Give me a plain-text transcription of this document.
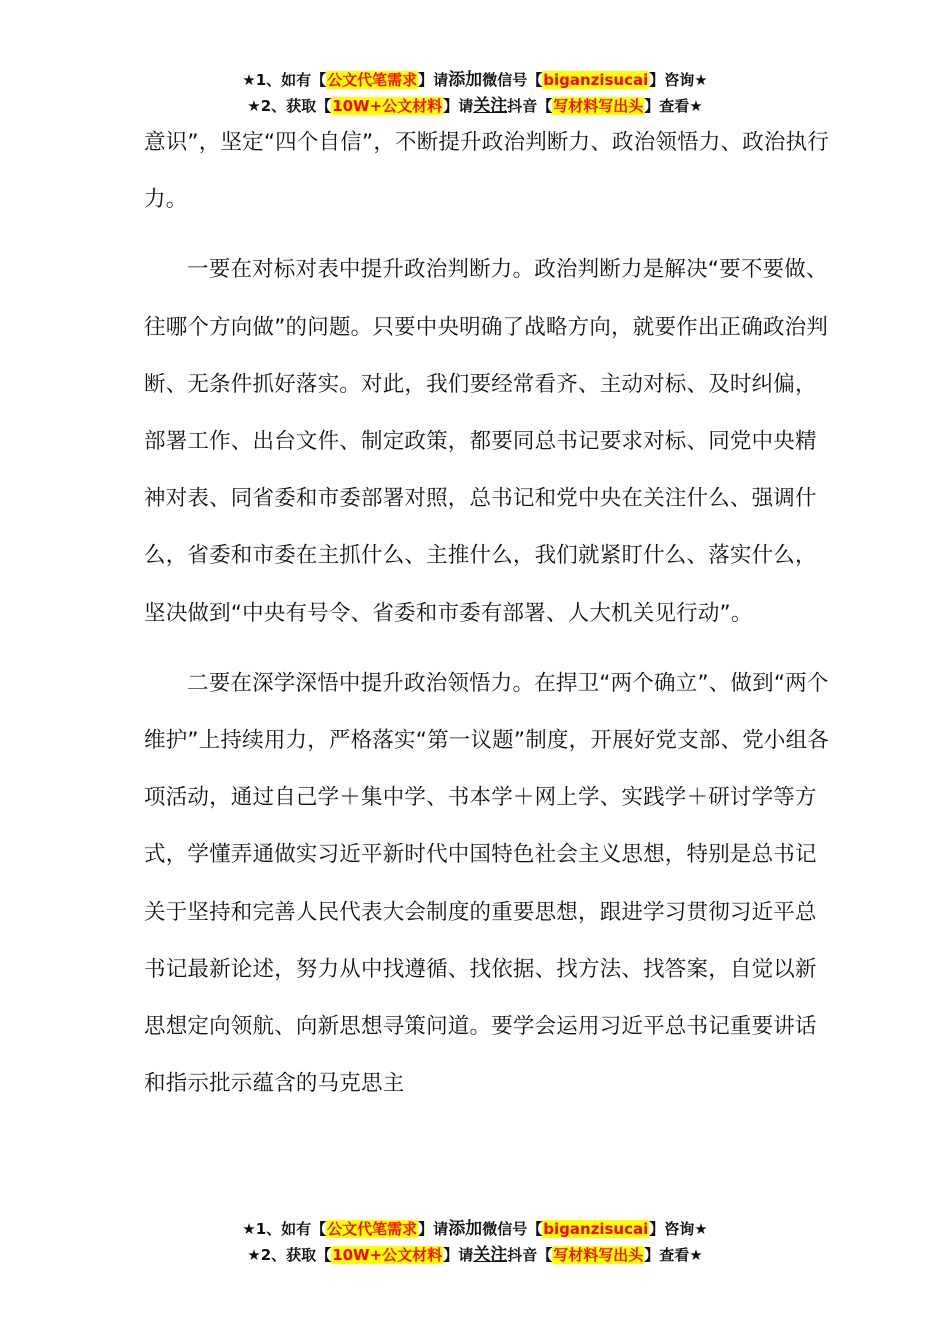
★1、如有【公文代笔需求】请添加微信号【biganzisucai】咨询★
★2、获取【10W+公文材料】请关注抖音【写材料写出头】查看★

意识”，坚定“四个自信”，不断提升政治判断力、政治领悟力、政治执行力。

一要在对标对表中提升政治判断力。政治判断力是解决“要不要做、往哪个方向做”的问题。只要中央明确了战略方向，就要作出正确政治判断、无条件抓好落实。对此，我们要经常看齐、主动对标、及时纠偏，部署工作、出台文件、制定政策，都要同总书记要求对标、同党中央精神对表、同省委和市委部署对照，总书记和党中央在关注什么、强调什么，省委和市委在主抓什么、主推什么，我们就紧盯什么、落实什么，坚决做到“中央有号令、省委和市委有部署、人大机关见行动”。

二要在深学深悟中提升政治领悟力。在捍卫“两个确立”、做到“两个维护”上持续用力，严格落实“第一议题”制度，开展好党支部、党小组各项活动，通过自己学＋集中学、书本学＋网上学、实践学＋研讨学等方式，学懂弄通做实习近平新时代中国特色社会主义思想，特别是总书记关于坚持和完善人民代表大会制度的重要思想，跟进学习贯彻习近平总书记最新论述，努力从中找遵循、找依据、找方法、找答案，自觉以新思想定向领航、向新思想寻策问道。要学会运用习近平总书记重要讲话和指示批示蕴含的马克思主

★1、如有【公文代笔需求】请添加微信号【biganzisucai】咨询★
★2、获取【10W+公文材料】请关注抖音【写材料写出头】查看★
